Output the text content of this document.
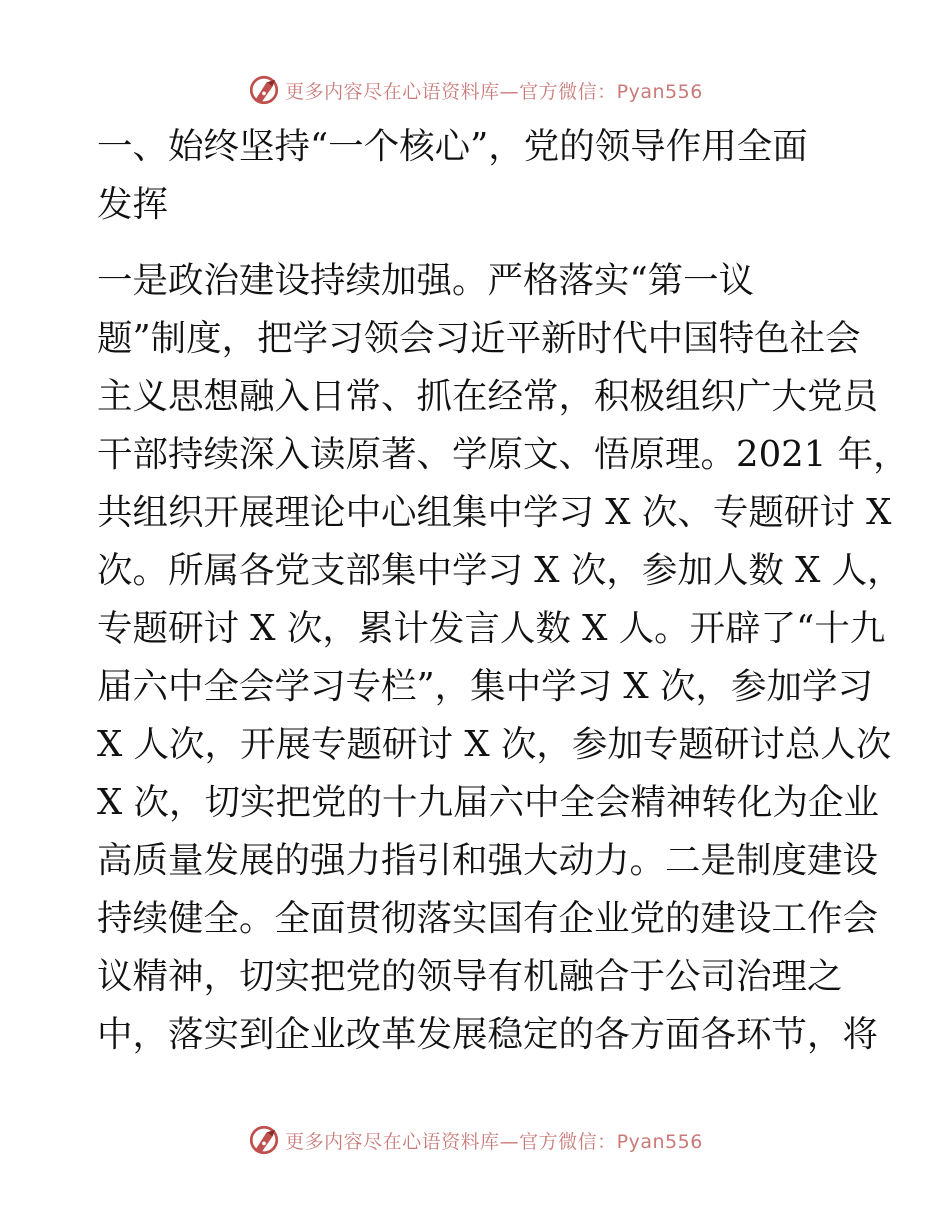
更多内容尽在心语资料库—官方微信：Pyan556
一、始终坚持“一个核心”，党的领导作用全面
发挥
一是政治建设持续加强。严格落实“第一议
题”制度，把学习领会习近平新时代中国特色社会
主义思想融入日常、抓在经常，积极组织广大党员
干部持续深入读原著、学原文、悟原理。2021 年，
共组织开展理论中心组集中学习 X 次、专题研讨 X
次。所属各党支部集中学习 X 次，参加人数 X 人，
专题研讨 X 次，累计发言人数 X 人。开辟了“十九
届六中全会学习专栏”，集中学习 X 次，参加学习
X 人次，开展专题研讨 X 次，参加专题研讨总人次
X 次，切实把党的十九届六中全会精神转化为企业
高质量发展的强力指引和强大动力。二是制度建设
持续健全。全面贯彻落实国有企业党的建设工作会
议精神，切实把党的领导有机融合于公司治理之
中，落实到企业改革发展稳定的各方面各环节，将
更多内容尽在心语资料库—官方微信：Pyan556
